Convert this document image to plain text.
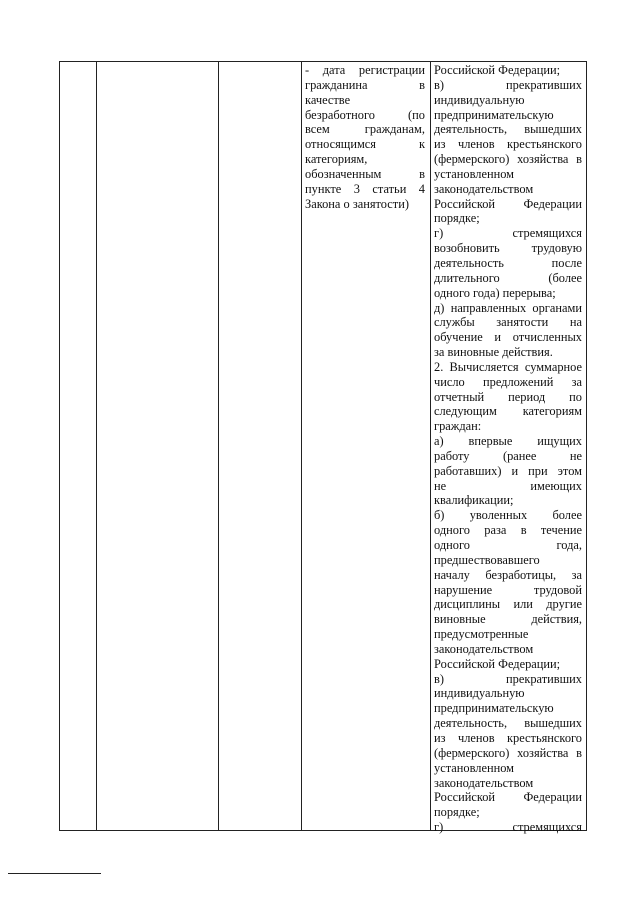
- дата регистрации
гражданина в
качестве
безработного (по
всем гражданам,
относящимся к
категориям,
обозначенным в
пункте 3 статьи 4
Закона о занятости)
Российской Федерации;
в) прекративших
индивидуальную
предпринимательскую
деятельность, вышедших
из членов крестьянского
(фермерского) хозяйства в
установленном
законодательством
Российской Федерации
порядке;
г) стремящихся
возобновить трудовую
деятельность после
длительного (более
одного года) перерыва;
д) направленных органами
службы занятости на
обучение и отчисленных
за виновные действия.
2. Вычисляется суммарное
число предложений за
отчетный период по
следующим категориям
граждан:
а) впервые ищущих
работу (ранее не
работавших) и при этом
не имеющих
квалификации;
б) уволенных более
одного раза в течение
одного года,
предшествовавшего
началу безработицы, за
нарушение трудовой
дисциплины или другие
виновные действия,
предусмотренные
законодательством
Российской Федерации;
в) прекративших
индивидуальную
предпринимательскую
деятельность, вышедших
из членов крестьянского
(фермерского) хозяйства в
установленном
законодательством
Российской Федерации
порядке;
г) стремящихся
